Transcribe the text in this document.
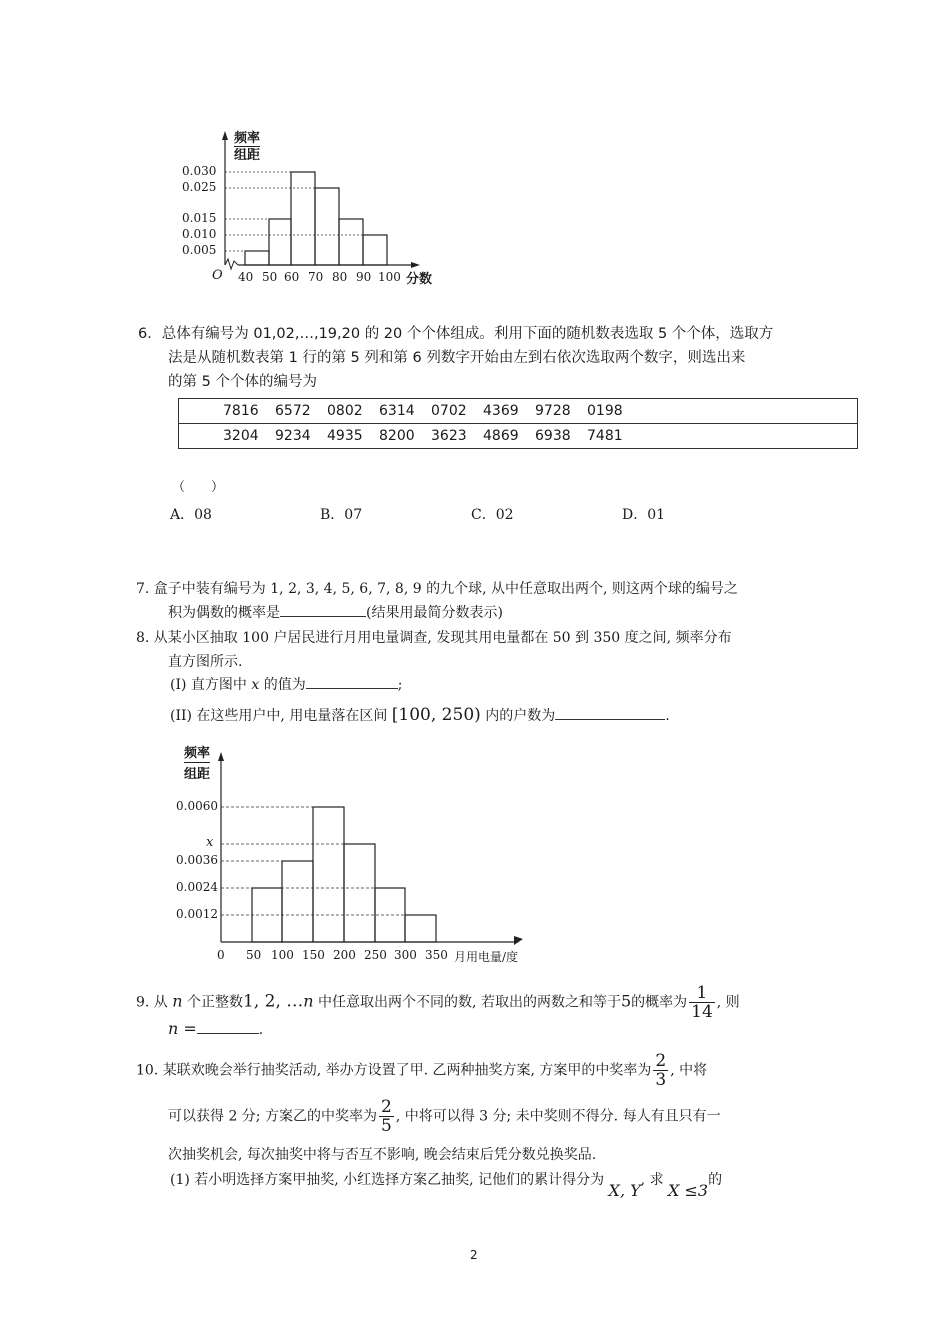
频率
组距
0.030
0.025
0.015
0.010
0.005
O 40 50 60 70 80 90 100 分数
6．总体有编号为 01,02,…,19,20 的 20 个个体组成。利用下面的随机数表选取 5 个个体，选取方
法是从随机数表第 1 行的第 5 列和第 6 列数字开始由左到右依次选取两个数字，则选出来
的第 5 个个体的编号为
	7816	6572	0802	6314	0702	4369	9728	0198	
	3204	9234	4935	8200	3623	4869	6938	7481	
（　　）
A．08	B．07	C．02	D．01
7. 盒子中装有编号为 1, 2, 3, 4, 5, 6, 7, 8, 9 的九个球, 从中任意取出两个, 则这两个球的编号之
积为偶数的概率是	(结果用最简分数表示)
8. 从某小区抽取 100 户居民进行月用电量调查, 发现其用电量都在 50 到 350 度之间, 频率分布
直方图所示.
(I) 直方图中 x 的值为	;
(II) 在这些用户中, 用电量落在区间 [100, 250) 内的户数为	.
频率
组距
0.0060
x
0.0036
0.0024
0.0012
0 50 100 150 200 250 300 350 月用电量/度
9. 从 n 个正整数1, 2, …n 中任意取出两个不同的数, 若取出的两数之和等于5的概率为 $\frac{1}{14}$ , 则
n =	.
10. 某联欢晚会举行抽奖活动, 举办方设置了甲. 乙两种抽奖方案, 方案甲的中奖率为 $\frac{2}{3}$ , 中将
可以获得 2 分; 方案乙的中奖率为 $\frac{2}{5}$ , 中将可以得 3 分; 未中奖则不得分. 每人有且只有一
次抽奖机会, 每次抽奖中将与否互不影响, 晚会结束后凭分数兑换奖品.
(1) 若小明选择方案甲抽奖, 小红选择方案乙抽奖, 记他们的累计得分为 X, Y, 求 X ≤3的
2
